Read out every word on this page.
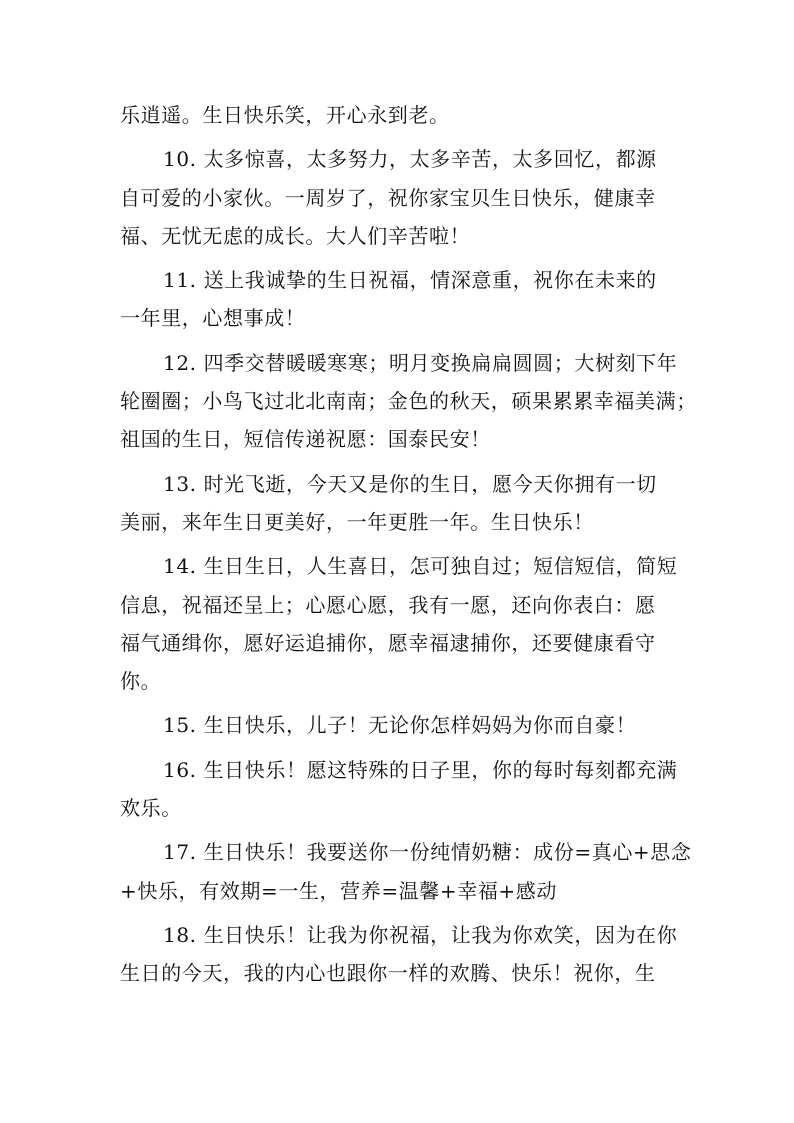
乐逍遥。生日快乐笑，开心永到老。
10. 太多惊喜，太多努力，太多辛苦，太多回忆，都源
自可爱的小家伙。一周岁了，祝你家宝贝生日快乐，健康幸
福、无忧无虑的成长。大人们辛苦啦！
11. 送上我诚挚的生日祝福，情深意重，祝你在未来的
一年里，心想事成！
12. 四季交替暖暖寒寒；明月变换扁扁圆圆；大树刻下年
轮圈圈；小鸟飞过北北南南；金色的秋天，硕果累累幸福美满；
祖国的生日，短信传递祝愿：国泰民安！
13. 时光飞逝，今天又是你的生日，愿今天你拥有一切
美丽，来年生日更美好，一年更胜一年。生日快乐！
14. 生日生日，人生喜日，怎可独自过；短信短信，简短
信息，祝福还呈上；心愿心愿，我有一愿，还向你表白：愿
福气通缉你，愿好运追捕你，愿幸福逮捕你，还要健康看守
你。
15. 生日快乐，儿子！无论你怎样妈妈为你而自豪！
16. 生日快乐！愿这特殊的日子里，你的每时每刻都充满
欢乐。
17. 生日快乐！我要送你一份纯情奶糖：成份=真心+思念
+快乐，有效期=一生，营养=温馨+幸福+感动
18. 生日快乐！让我为你祝福，让我为你欢笑，因为在你
生日的今天，我的内心也跟你一样的欢腾、快乐！祝你，生
